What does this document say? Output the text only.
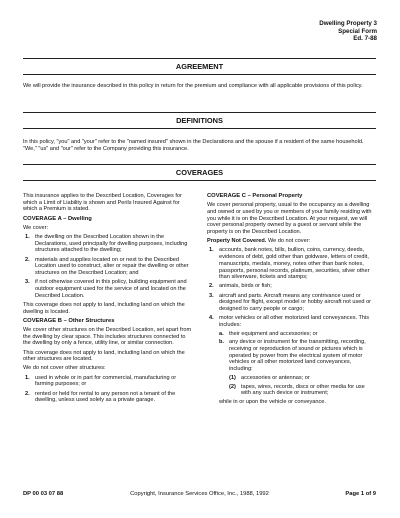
Dwelling Property 3
Special Form
Ed. 7-88
AGREEMENT

We will provide the insurance described in this policy in return for the premium and compliance with all applicable provisions of this policy.

DEFINITIONS

In this policy, "you" and "your" refer to the "named insured" shown in the Declarations and the spouse if a resident of the same household. "We," "us" and "our" refer to the Company providing this insurance.

COVERAGES

This insurance applies to the Described Location, Coverages for which a Limit of Liability is shown and Perils Insured Against for which a Premium is stated.

COVERAGE A – Dwelling

We cover:

1. the dwelling on the Described Location shown in the Declarations, used principally for dwelling purposes, including structures attached to the dwelling;
2. materials and supplies located on or next to the Described Location used to construct, alter or repair the dwelling or other structures on the Described Location; and
3. if not otherwise covered in this policy, building equipment and outdoor equipment used for the service of and located on the Described Location.

This coverage does not apply to land, including land on which the dwelling is located.

COVERAGE B – Other Structures

We cover other structures on the Described Location, set apart from the dwelling by clear space. This includes structures connected to the dwelling by only a fence, utility line, or similar connection.

This coverage does not apply to land, including land on which the other structures are located.

We do not cover other structures:

1. used in whole or in part for commercial, manufacturing or farming purposes; or
2. rented or held for rental to any person not a tenant of the dwelling, unless used solely as a private garage.
COVERAGE C – Personal Property

We cover personal property, usual to the occupancy as a dwelling and owned or used by you or members of your family residing with you while it is on the Described Location. At your request, we will cover personal property owned by a guest or servant while the property is on the Described Location.

Property Not Covered. We do not cover:

1. accounts, bank notes, bills, bullion, coins, currency, deeds, evidences of debt, gold other than goldware, letters of credit, manuscripts, medals, money, notes other than bank notes, passports, personal records, platinum, securities, silver other than silverware, tickets and stamps;
2. animals, birds or fish;
3. aircraft and parts. Aircraft means any contrivance used or designed for flight, except model or hobby aircraft not used or designed to carry people or cargo;
4. motor vehicles or all other motorized land conveyances. This includes:
a. their equipment and accessories; or
b. any device or instrument for the transmitting, recording, receiving or reproduction of sound or pictures which is operated by power from the electrical system of motor vehicles or all other motorized land conveyances, including:
(1) accessories or antennas; or
(2) tapes, wires, records, discs or other media for use with any such device or instrument;

while in or upon the vehicle or conveyance.

DP 00 03 07 88	Copyright, Insurance Services Office, Inc., 1988, 1992	Page 1 of 9
